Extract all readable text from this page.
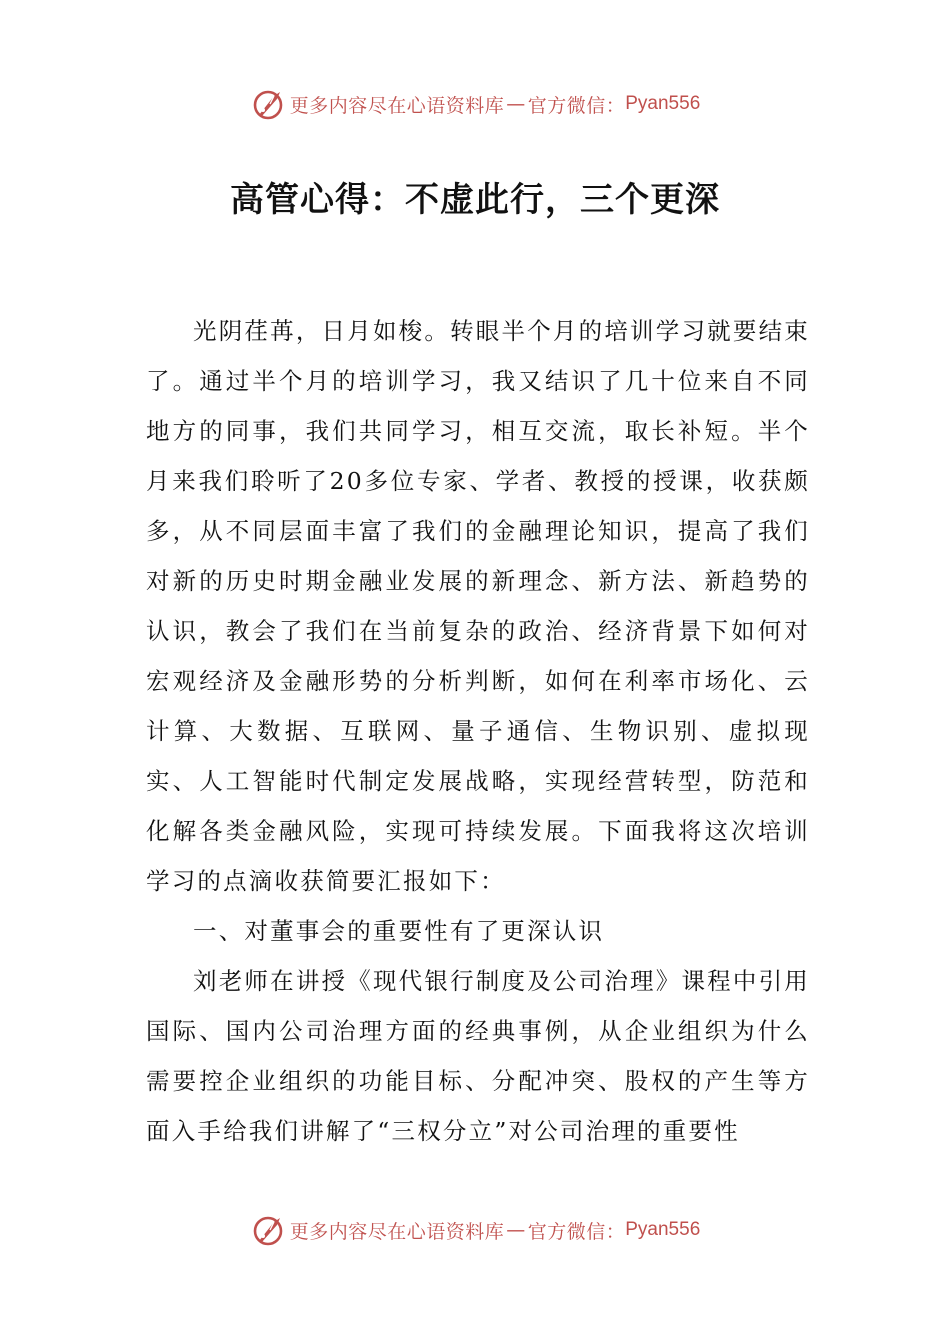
更多内容尽在心语资料库 — 官方微信： Pyan556
高管心得：不虚此行，三个更深

光阴荏苒，日月如梭。转眼半个月的培训学习就要结束了。通过半个月的培训学习，我又结识了几十位来自不同地方的同事，我们共同学习，相互交流，取长补短。半个月来我们聆听了20多位专家、学者、教授的授课，收获颇多，从不同层面丰富了我们的金融理论知识，提高了我们对新的历史时期金融业发展的新理念、新方法、新趋势的认识，教会了我们在当前复杂的政治、经济背景下如何对宏观经济及金融形势的分析判断，如何在利率市场化、云计算、大数据、互联网、量子通信、生物识别、虚拟现实、人工智能时代制定发展战略，实现经营转型，防范和化解各类金融风险，实现可持续发展。下面我将这次培训学习的点滴收获简要汇报如下：

一、对董事会的重要性有了更深认识

刘老师在讲授《现代银行制度及公司治理》课程中引用国际、国内公司治理方面的经典事例，从企业组织为什么需要控企业组织的功能目标、分配冲突、股权的产生等方面入手给我们讲解了“三权分立”对公司治理的重要性

更多内容尽在心语资料库 — 官方微信： Pyan556
